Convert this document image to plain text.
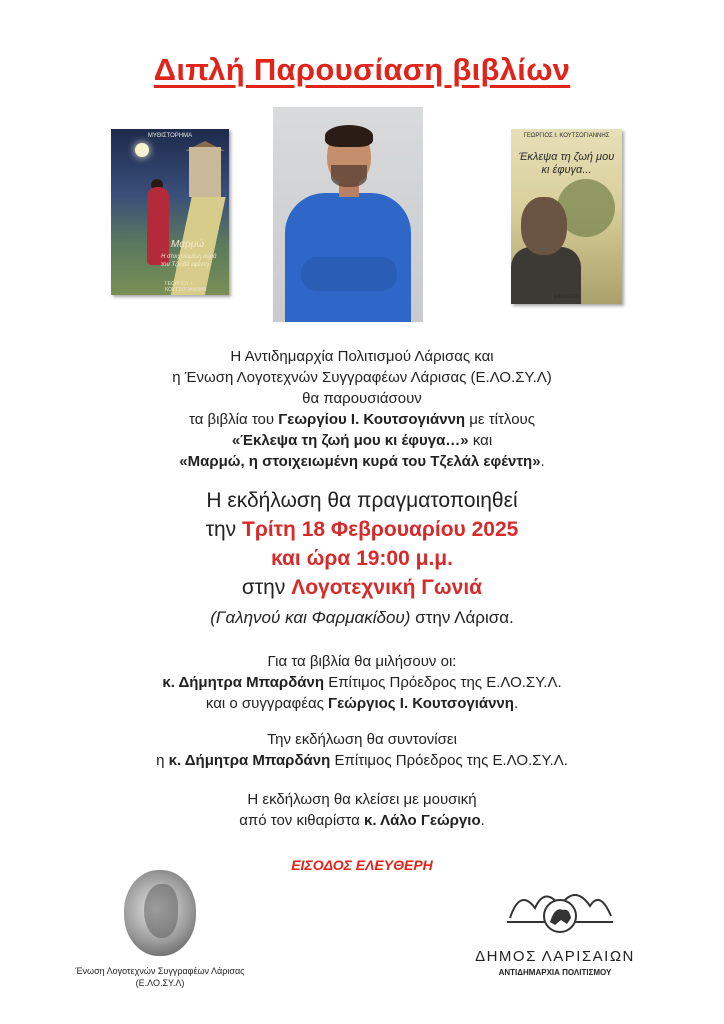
Διπλή Παρουσίαση βιβλίων
ΜΥΘΙΣΤΟΡΗΜΑ
Μαρμώ
Η στοιχειωμένη κυρά του Τζελάλ εφέντη
ΓΕΩΡΓΙΟΣ Ι. ΚΟΥΤΣΟΓΙΑΝΝΗΣ
ΓΕΩΡΓΙΟΣ Ι. ΚΟΥΤΣΟΓΙΑΝΝΗΣ
Έκλεψα τη ζωή μου
κι έφυγα...
ΕΚΔΟΣΕΙΣ
Η Αντιδημαρχία Πολιτισμού Λάρισας και
η Ένωση Λογοτεχνών Συγγραφέων Λάρισας (Ε.ΛΟ.ΣΥ.Λ)
θα παρουσιάσουν
τα βιβλία του Γεωργίου Ι. Κουτσογιάννη με τίτλους
«Έκλεψα τη ζωή μου κι έφυγα…» και
«Μαρμώ, η στοιχειωμένη κυρά του Τζελάλ εφέντη».
Η εκδήλωση θα πραγματοποιηθεί
την Τρίτη 18 Φεβρουαρίου 2025
και ώρα 19:00 μ.μ.
στην Λογοτεχνική Γωνιά
(Γαληνού και Φαρμακίδου) στην Λάρισα.
Για τα βιβλία θα μιλήσουν οι:
κ. Δήμητρα Μπαρδάνη Επίτιμος Πρόεδρος της Ε.ΛΟ.ΣΥ.Λ.
και ο συγγραφέας Γεώργιος Ι. Κουτσογιάννη.
Την εκδήλωση θα συντονίσει
η κ. Δήμητρα Μπαρδάνη Επίτιμος Πρόεδρος της Ε.ΛΟ.ΣΥ.Λ.
Η εκδήλωση θα κλείσει με μουσική
από τον κιθαρίστα κ. Λάλο Γεώργιο.
ΕΙΣΟΔΟΣ ΕΛΕΥΘΕΡΗ
Ένωση Λογοτεχνών Συγγραφέων Λάρισας
(Ε.ΛΟ.ΣΥ.Λ)
ΔΗΜΟΣ ΛΑΡΙΣΑΙΩΝ
ΑΝΤΙΔΗΜΑΡΧΙΑ ΠΟΛΙΤΙΣΜΟΥ
